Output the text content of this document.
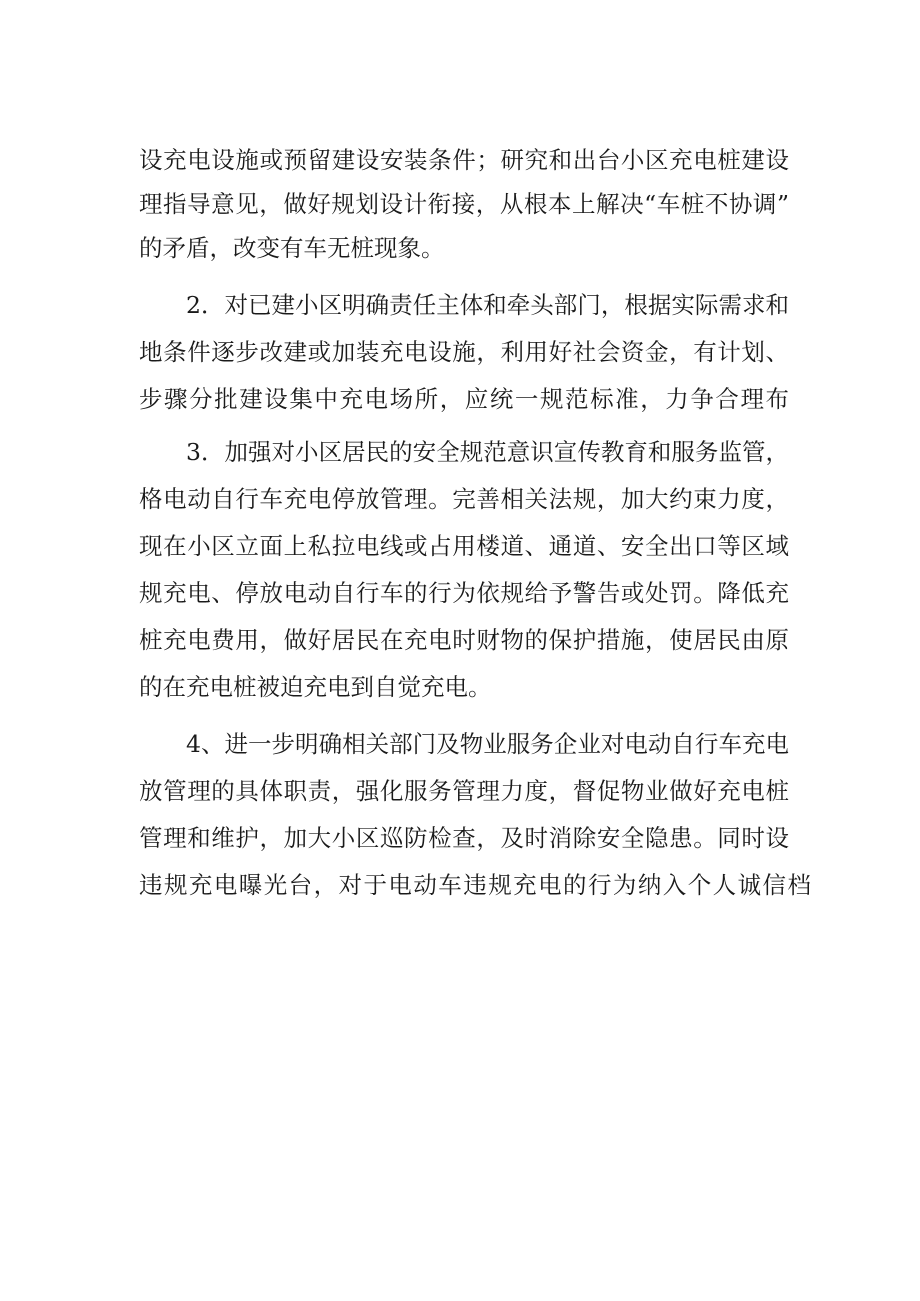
设充电设施或预留建设安装条件；研究和出台小区充电桩建设
理指导意见，做好规划设计衔接，从根本上解决“车桩不协调”
的矛盾，改变有车无桩现象。
2．对已建小区明确责任主体和牵头部门，根据实际需求和
地条件逐步改建或加装充电设施，利用好社会资金，有计划、
步骤分批建设集中充电场所，应统一规范标准，力争合理布
3．加强对小区居民的安全规范意识宣传教育和服务监管，
格电动自行车充电停放管理。完善相关法规，加大约束力度，
现在小区立面上私拉电线或占用楼道、通道、安全出口等区域
规充电、停放电动自行车的行为依规给予警告或处罚。降低充
桩充电费用，做好居民在充电时财物的保护措施，使居民由原
的在充电桩被迫充电到自觉充电。
4、进一步明确相关部门及物业服务企业对电动自行车充电
放管理的具体职责，强化服务管理力度，督促物业做好充电桩
管理和维护，加大小区巡防检查，及时消除安全隐患。同时设
违规充电曝光台，对于电动车违规充电的行为纳入个人诚信档
